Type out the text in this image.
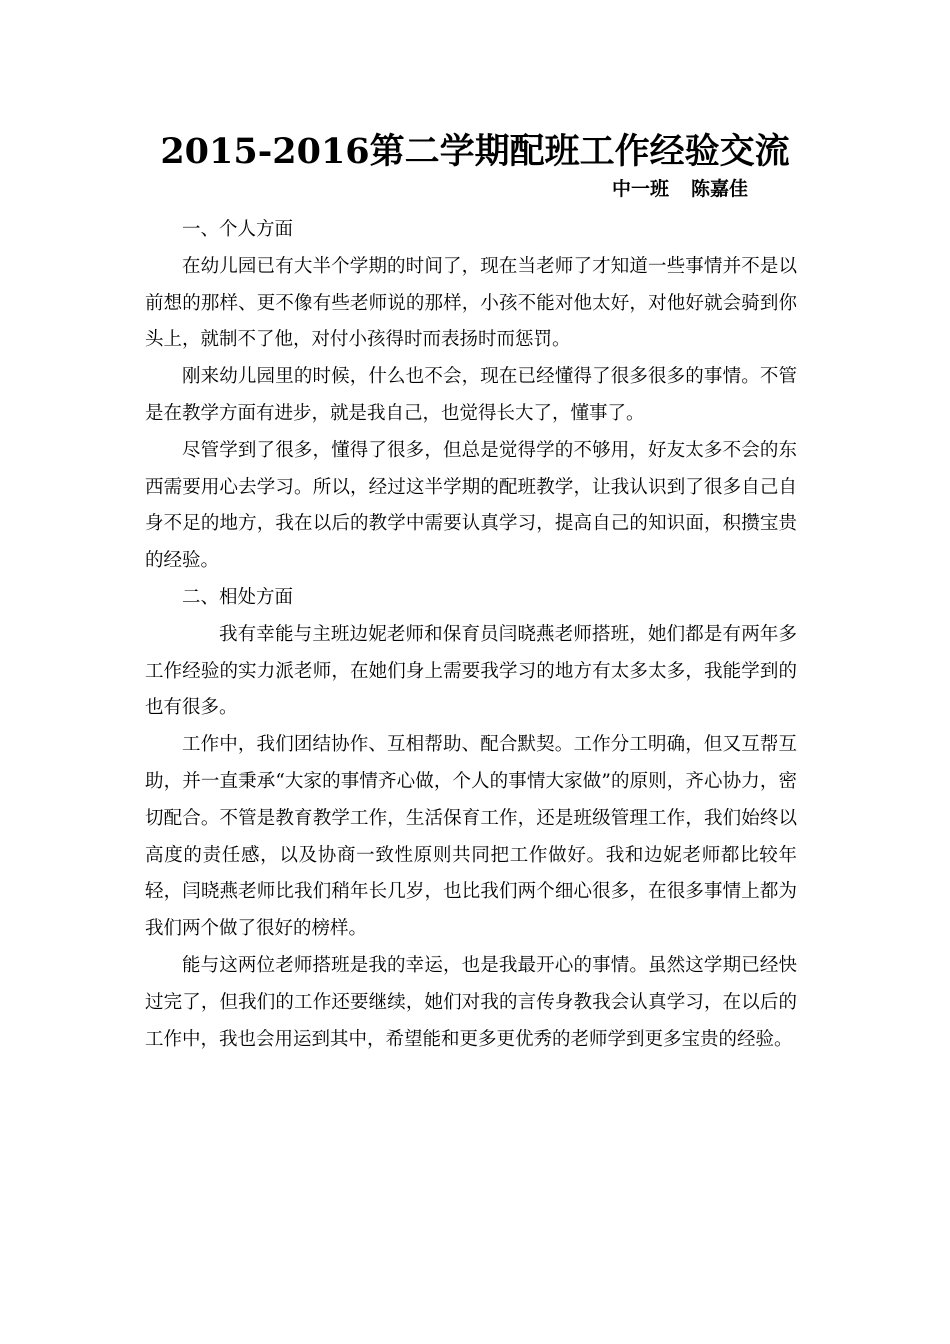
2015-2016第二学期配班工作经验交流
中一班 陈嘉佳

一、个人方面

在幼儿园已有大半个学期的时间了，现在当老师了才知道一些事情并不是以前想的那样、更不像有些老师说的那样，小孩不能对他太好，对他好就会骑到你头上，就制不了他，对付小孩得时而表扬时而惩罚。

刚来幼儿园里的时候，什么也不会，现在已经懂得了很多很多的事情。不管是在教学方面有进步，就是我自己，也觉得长大了，懂事了。

尽管学到了很多，懂得了很多，但总是觉得学的不够用，好友太多不会的东西需要用心去学习。所以，经过这半学期的配班教学，让我认识到了很多自己自身不足的地方，我在以后的教学中需要认真学习，提高自己的知识面，积攒宝贵的经验。

二、相处方面

我有幸能与主班边妮老师和保育员闫晓燕老师搭班，她们都是有两年多工作经验的实力派老师，在她们身上需要我学习的地方有太多太多，我能学到的也有很多。

工作中，我们团结协作、互相帮助、配合默契。工作分工明确，但又互帮互助，并一直秉承“大家的事情齐心做，个人的事情大家做”的原则，齐心协力，密切配合。不管是教育教学工作，生活保育工作，还是班级管理工作，我们始终以高度的责任感，以及协商一致性原则共同把工作做好。我和边妮老师都比较年轻，闫晓燕老师比我们稍年长几岁，也比我们两个细心很多，在很多事情上都为我们两个做了很好的榜样。

能与这两位老师搭班是我的幸运，也是我最开心的事情。虽然这学期已经快过完了，但我们的工作还要继续，她们对我的言传身教我会认真学习，在以后的工作中，我也会用运到其中，希望能和更多更优秀的老师学到更多宝贵的经验。
